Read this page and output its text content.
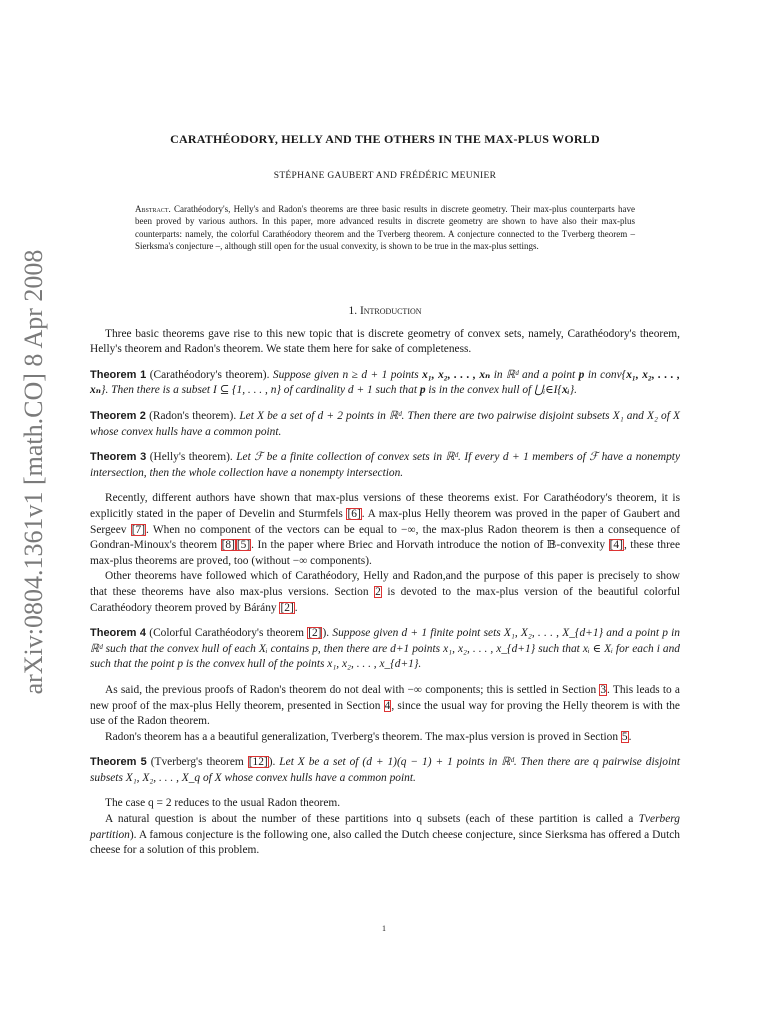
arXiv:0804.1361v1 [math.CO] 8 Apr 2008
CARATHÉODORY, HELLY AND THE OTHERS IN THE MAX-PLUS WORLD
STÉPHANE GAUBERT AND FRÉDÉRIC MEUNIER
Abstract. Carathéodory's, Helly's and Radon's theorems are three basic results in discrete geometry. Their max-plus counterparts have been proved by various authors. In this paper, more advanced results in discrete geometry are shown to have also their max-plus counterparts: namely, the colorful Carathéodory theorem and the Tverberg theorem. A conjecture connected to the Tverberg theorem – Sierksma's conjecture –, although still open for the usual convexity, is shown to be true in the max-plus settings.
1. Introduction

Three basic theorems gave rise to this new topic that is discrete geometry of convex sets, namely, Carathéodory's theorem, Helly's theorem and Radon's theorem. We state them here for sake of completeness.

Theorem 1 (Carathéodory's theorem). Suppose given n ≥ d + 1 points x₁, x₂, . . . , xₙ in ℝᵈ and a point p in conv{x₁, x₂, . . . , xₙ}. Then there is a subset I ⊆ {1, . . . , n} of cardinality d + 1 such that p is in the convex hull of ⋃ᵢ∈I{xᵢ}.

Theorem 2 (Radon's theorem). Let X be a set of d + 2 points in ℝᵈ. Then there are two pairwise disjoint subsets X₁ and X₂ of X whose convex hulls have a common point.

Theorem 3 (Helly's theorem). Let ℱ be a finite collection of convex sets in ℝᵈ. If every d + 1 members of ℱ have a nonempty intersection, then the whole collection have a nonempty intersection.

Recently, different authors have shown that max-plus versions of these theorems exist. For Carathéodory's theorem, it is explicitly stated in the paper of Develin and Sturmfels [6]. A max-plus Helly theorem was proved in the paper of Gaubert and Sergeev [7]. When no component of the vectors can be equal to −∞, the max-plus Radon theorem is then a consequence of Gondran-Minoux's theorem [8] [5]. In the paper where Briec and Horvath introduce the notion of 𝔹-convexity [4], these three max-plus theorems are proved, too (without −∞ components).

Other theorems have followed which of Carathéodory, Helly and Radon,and the purpose of this paper is precisely to show that these theorems have also max-plus versions. Section 2 is devoted to the max-plus version of the beautiful colorful Carathéodory theorem proved by Bárány [2].

Theorem 4 (Colorful Carathéodory's theorem [2]). Suppose given d + 1 finite point sets X₁, X₂, . . . , X_{d+1} and a point p in ℝᵈ such that the convex hull of each Xᵢ contains p, then there are d+1 points x₁, x₂, . . . , x_{d+1} such that xᵢ ∈ Xᵢ for each i and such that the point p is the convex hull of the points x₁, x₂, . . . , x_{d+1}.

As said, the previous proofs of Radon's theorem do not deal with −∞ components; this is settled in Section 3. This leads to a new proof of the max-plus Helly theorem, presented in Section 4, since the usual way for proving the Helly theorem is with the use of the Radon theorem.

Radon's theorem has a a beautiful generalization, Tverberg's theorem. The max-plus version is proved in Section 5.

Theorem 5 (Tverberg's theorem [12]). Let X be a set of (d + 1)(q − 1) + 1 points in ℝᵈ. Then there are q pairwise disjoint subsets X₁, X₂, . . . , X_q of X whose convex hulls have a common point.

The case q = 2 reduces to the usual Radon theorem.

A natural question is about the number of these partitions into q subsets (each of these partition is called a Tverberg partition). A famous conjecture is the following one, also called the Dutch cheese conjecture, since Sierksma has offered a Dutch cheese for a solution of this problem.

1
